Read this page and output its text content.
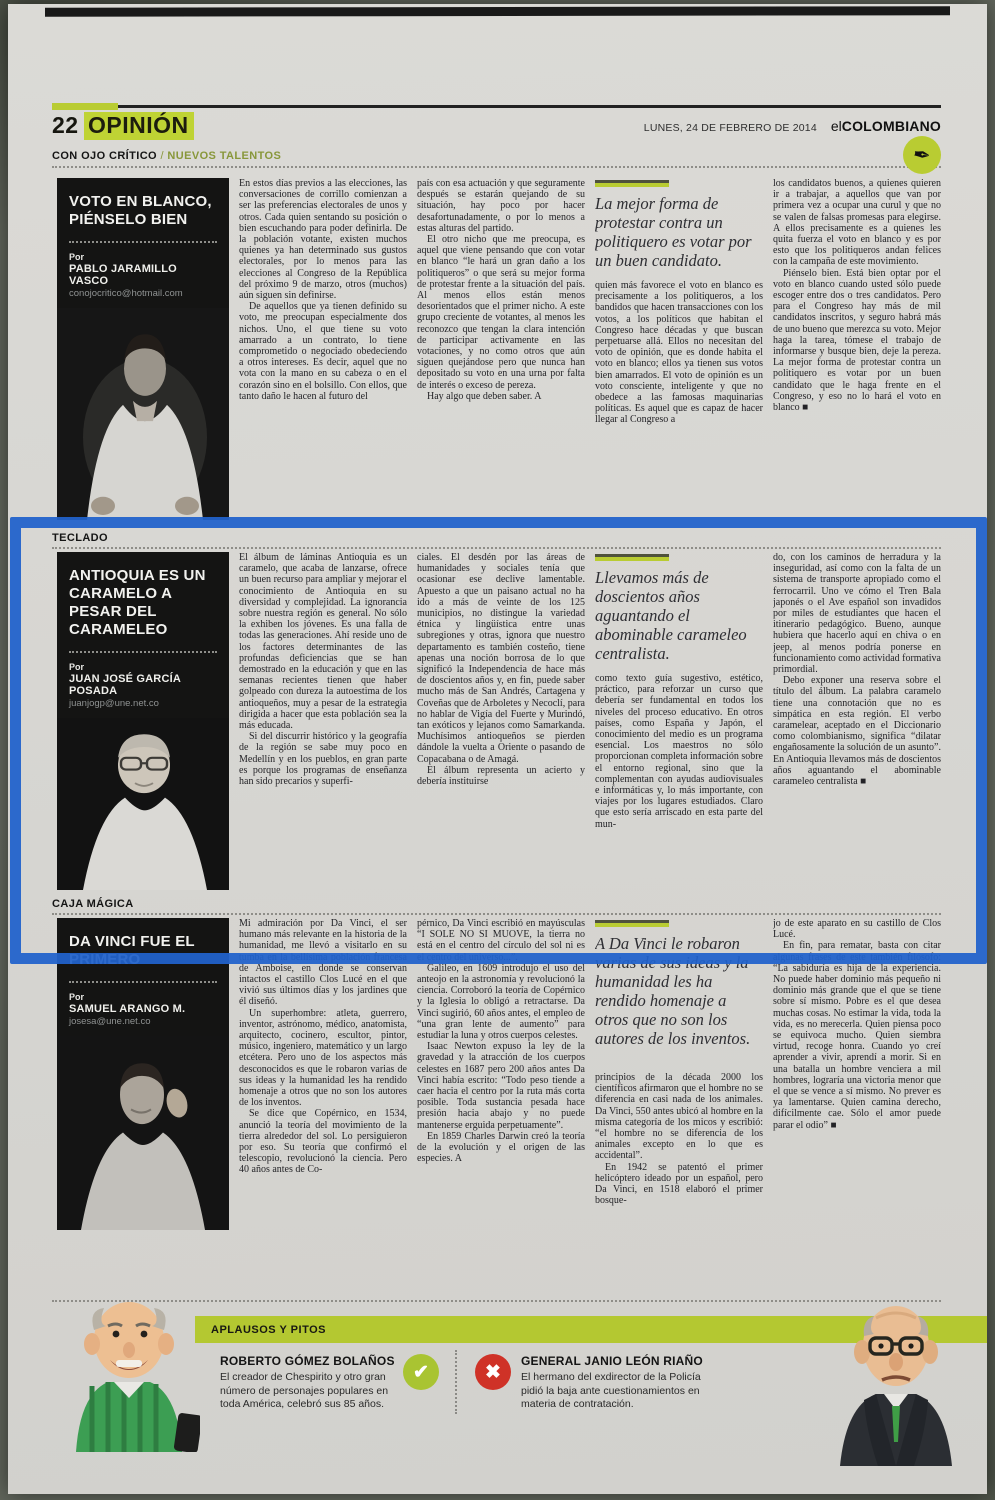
22 OPINIÓN	LUNES, 24 DE FEBRERO DE 2014 elCOLOMBIANO
CON OJO CRÍTICO / NUEVOS TALENTOS	✒
VOTO EN BLANCO, PIÉNSELO BIEN
Por
PABLO JARAMILLO VASCO
conojocritico@hotmail.com

En estos días previos a las elecciones, las conversaciones de corrillo comienzan a ser las preferencias electorales de unos y otros. Cada quien sentando su posición o bien escuchando para poder definirla. De la población votante, existen muchos quienes ya han determinado sus gustos electorales, por lo menos para las elecciones al Congreso de la República del próximo 9 de marzo, otros (muchos) aún siguen sin definirse.

De aquellos que ya tienen definido su voto, me preocupan especialmente dos nichos. Uno, el que tiene su voto amarrado a un contrato, lo tiene comprometido o negociado obedeciendo a otros intereses. Es decir, aquel que no vota con la mano en su cabeza o en el corazón sino en el bolsillo. Con ellos, que tanto daño le hacen al futuro del

país con esa actuación y que seguramente después se estarán quejando de su situación, hay poco por hacer desafortunadamente, o por lo menos a estas alturas del partido.

El otro nicho que me preocupa, es aquel que viene pensando que con votar en blanco “le hará un gran daño a los politiqueros” o que será su mejor forma de protestar frente a la situación del país. Al menos ellos están menos desorientados que el primer nicho. A este grupo creciente de votantes, al menos les reconozco que tengan la clara intención de participar activamente en las votaciones, y no como otros que aún siguen quejándose pero que nunca han depositado su voto en una urna por falta de interés o exceso de pereza.

Hay algo que deben saber. A

La mejor forma de protestar contra un politiquero es votar por un buen candidato.

quien más favorece el voto en blanco es precisamente a los politiqueros, a los bandidos que hacen transacciones con los votos, a los políticos que habitan el Congreso hace décadas y que buscan perpetuarse allá. Ellos no necesitan del voto de opinión, que es donde habita el voto en blanco; ellos ya tienen sus votos bien amarrados. El voto de opinión es un voto consciente, inteligente y que no obedece a las famosas maquinarias políticas. Es aquel que es capaz de hacer llegar al Congreso a

los candidatos buenos, a quienes quieren ir a trabajar, a aquellos que van por primera vez a ocupar una curul y que no se valen de falsas promesas para elegirse. A ellos precisamente es a quienes les quita fuerza el voto en blanco y es por esto que los politiqueros andan felices con la campaña de este movimiento.

Piénselo bien. Está bien optar por el voto en blanco cuando usted sólo puede escoger entre dos o tres candidatos. Pero para el Congreso hay más de mil candidatos inscritos, y seguro habrá más de uno bueno que merezca su voto. Mejor haga la tarea, tómese el trabajo de informarse y busque bien, deje la pereza. La mejor forma de protestar contra un politiquero es votar por un buen candidato que le haga frente en el Congreso, y eso no lo hará el voto en blanco ■

TECLADO
ANTIOQUIA ES UN CARAMELO A PESAR DEL CARAMELEO
Por
JUAN JOSÉ GARCÍA POSADA
juanjogp@une.net.co

El álbum de láminas Antioquia es un caramelo, que acaba de lanzarse, ofrece un buen recurso para ampliar y mejorar el conocimiento de Antioquia en su diversidad y complejidad. La ignorancia sobre nuestra región es general. No sólo la exhiben los jóvenes. Es una falla de todas las generaciones. Ahí reside uno de los factores determinantes de las profundas deficiencias que se han demostrado en la educación y que en las semanas recientes tienen que haber golpeado con dureza la autoestima de los antioqueños, muy a pesar de la estrategia dirigida a hacer que esta población sea la más educada.

Si del discurrir histórico y la geografía de la región se sabe muy poco en Medellín y en los pueblos, en gran parte es porque los programas de enseñanza han sido precarios y superfi-

ciales. El desdén por las áreas de humanidades y sociales tenía que ocasionar ese declive lamentable. Apuesto a que un paisano actual no ha ido a más de veinte de los 125 municipios, no distingue la variedad étnica y lingüística entre unas subregiones y otras, ignora que nuestro departamento es también costeño, tiene apenas una noción borrosa de lo que significó la Independencia de hace más de doscientos años y, en fin, puede saber mucho más de San Andrés, Cartagena y Coveñas que de Arboletes y Necoclí, para no hablar de Vigía del Fuerte y Murindó, tan exóticos y lejanos como Samarkanda. Muchísimos antioqueños se pierden dándole la vuelta a Oriente o pasando de Copacabana o de Amagá.

El álbum representa un acierto y debería instituirse

Llevamos más de doscientos años aguantando el abominable carameleo centralista.

como texto guía sugestivo, estético, práctico, para reforzar un curso que debería ser fundamental en todos los niveles del proceso educativo. En otros países, como España y Japón, el conocimiento del medio es un programa esencial. Los maestros no sólo proporcionan completa información sobre el entorno regional, sino que la complementan con ayudas audiovisuales e informáticas y, lo más importante, con viajes por los lugares estudiados. Claro que esto sería arriscado en esta parte del mun-

do, con los caminos de herradura y la inseguridad, así como con la falta de un sistema de transporte apropiado como el ferrocarril. Uno ve cómo el Tren Bala japonés o el Ave español son invadidos por miles de estudiantes que hacen el itinerario pedagógico. Bueno, aunque hubiera que hacerlo aquí en chiva o en jeep, al menos podría ponerse en funcionamiento como actividad formativa primordial.

Debo exponer una reserva sobre el título del álbum. La palabra caramelo tiene una connotación que no es simpática en esta región. El verbo caramelear, aceptado en el Diccionario como colombianismo, significa “dilatar engañosamente la solución de un asunto”. En Antioquia llevamos más de doscientos años aguantando el abominable carameleo centralista ■

CAJA MÁGICA
DA VINCI FUE EL PRIMERO
Por
SAMUEL ARANGO M.
josesa@une.net.co

Mi admiración por Da Vinci, el ser humano más relevante en la historia de la humanidad, me llevó a visitarlo en su tumba en la bellísima población francesa de Amboise, en donde se conservan intactos el castillo Clos Lucé en el que vivió sus últimos días y los jardines que él diseñó.

Un superhombre: atleta, guerrero, inventor, astrónomo, médico, anatomista, arquitecto, cocinero, escultor, pintor, músico, ingeniero, matemático y un largo etcétera. Pero uno de los aspectos más desconocidos es que le robaron varias de sus ideas y la humanidad les ha rendido homenaje a otros que no son los autores de los inventos.

Se dice que Copérnico, en 1534, anunció la teoría del movimiento de la tierra alrededor del sol. Lo persiguieron por eso. Su teoría que confirmó el telescopio, revolucionó la ciencia. Pero 40 años antes de Co-

pérnico, Da Vinci escribió en mayúsculas “I SOLE NO SI MUOVE, la tierra no está en el centro del círculo del sol ni es el centro del universo...”.

Galileo, en 1609 introdujo el uso del anteojo en la astronomía y revolucionó la ciencia. Corroboró la teoría de Copérnico y la Iglesia lo obligó a retractarse. Da Vinci sugirió, 60 años antes, el empleo de “una gran lente de aumento” para estudiar la luna y otros cuerpos celestes.

Isaac Newton expuso la ley de la gravedad y la atracción de los cuerpos celestes en 1687 pero 200 años antes Da Vinci había escrito: “Todo peso tiende a caer hacia el centro por la ruta más corta posible. Toda sustancia pesada hace presión hacia abajo y no puede mantenerse erguida perpetuamente”.

En 1859 Charles Darwin creó la teoría de la evolución y el origen de las especies. A

A Da Vinci le robaron varias de sus ideas y la humanidad les ha rendido homenaje a otros que no son los autores de los inventos.

principios de la década 2000 los científicos afirmaron que el hombre no se diferencia en casi nada de los animales. Da Vinci, 550 antes ubicó al hombre en la misma categoría de los micos y escribió: “el hombre no se diferencia de los animales excepto en lo que es accidental”.

En 1942 se patentó el primer helicóptero ideado por un español, pero Da Vinci, en 1518 elaboró el primer bosque-

jo de este aparato en su castillo de Clos Lucé.

En fin, para rematar, basta con citar algunas frases de este también filósofo: “La sabiduría es hija de la experiencia. No puede haber dominio más pequeño ni dominio más grande que el que se tiene sobre sí mismo. Pobre es el que desea muchas cosas. No estimar la vida, toda la vida, es no merecerla. Quien piensa poco se equivoca mucho. Quien siembra virtud, recoge honra. Cuando yo creí aprender a vivir, aprendí a morir. Si en una batalla un hombre venciera a mil hombres, lograría una victoria menor que el que se vence a sí mismo. No prever es ya lamentarse. Quien camina derecho, difícilmente cae. Sólo el amor puede parar el odio” ■

APLAUSOS Y PITOS
ROBERTO GÓMEZ BOLAÑOS

El creador de Chespirito y otro gran número de personajes populares en toda América, celebró sus 85 años.

✔	✖
GENERAL JANIO LEÓN RIAÑO

El hermano del exdirector de la Policía pidió la baja ante cuestionamientos en materia de contratación.
